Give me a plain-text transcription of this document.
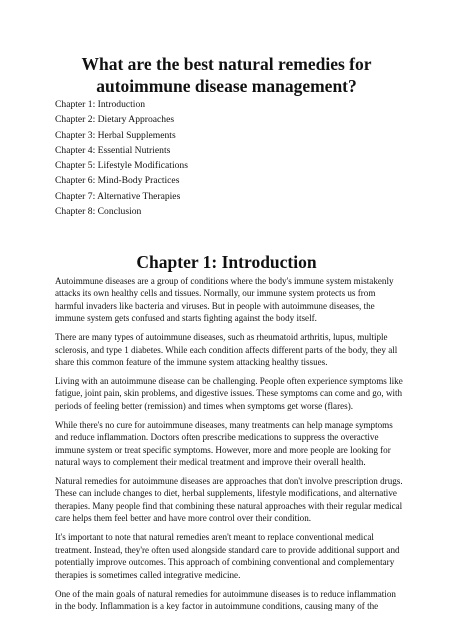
What are the best natural remedies for autoimmune disease management?
Chapter 1: Introduction
Chapter 2: Dietary Approaches
Chapter 3: Herbal Supplements
Chapter 4: Essential Nutrients
Chapter 5: Lifestyle Modifications
Chapter 6: Mind-Body Practices
Chapter 7: Alternative Therapies
Chapter 8: Conclusion
Chapter 1: Introduction

Autoimmune diseases are a group of conditions where the body's immune system mistakenly attacks its own healthy cells and tissues. Normally, our immune system protects us from harmful invaders like bacteria and viruses. But in people with autoimmune diseases, the immune system gets confused and starts fighting against the body itself.

There are many types of autoimmune diseases, such as rheumatoid arthritis, lupus, multiple sclerosis, and type 1 diabetes. While each condition affects different parts of the body, they all share this common feature of the immune system attacking healthy tissues.

Living with an autoimmune disease can be challenging. People often experience symptoms like fatigue, joint pain, skin problems, and digestive issues. These symptoms can come and go, with periods of feeling better (remission) and times when symptoms get worse (flares).

While there's no cure for autoimmune diseases, many treatments can help manage symptoms and reduce inflammation. Doctors often prescribe medications to suppress the overactive immune system or treat specific symptoms. However, more and more people are looking for natural ways to complement their medical treatment and improve their overall health.

Natural remedies for autoimmune diseases are approaches that don't involve prescription drugs. These can include changes to diet, herbal supplements, lifestyle modifications, and alternative therapies. Many people find that combining these natural approaches with their regular medical care helps them feel better and have more control over their condition.

It's important to note that natural remedies aren't meant to replace conventional medical treatment. Instead, they're often used alongside standard care to provide additional support and potentially improve outcomes. This approach of combining conventional and complementary therapies is sometimes called integrative medicine.

One of the main goals of natural remedies for autoimmune diseases is to reduce inflammation in the body. Inflammation is a key factor in autoimmune conditions, causing many of the
